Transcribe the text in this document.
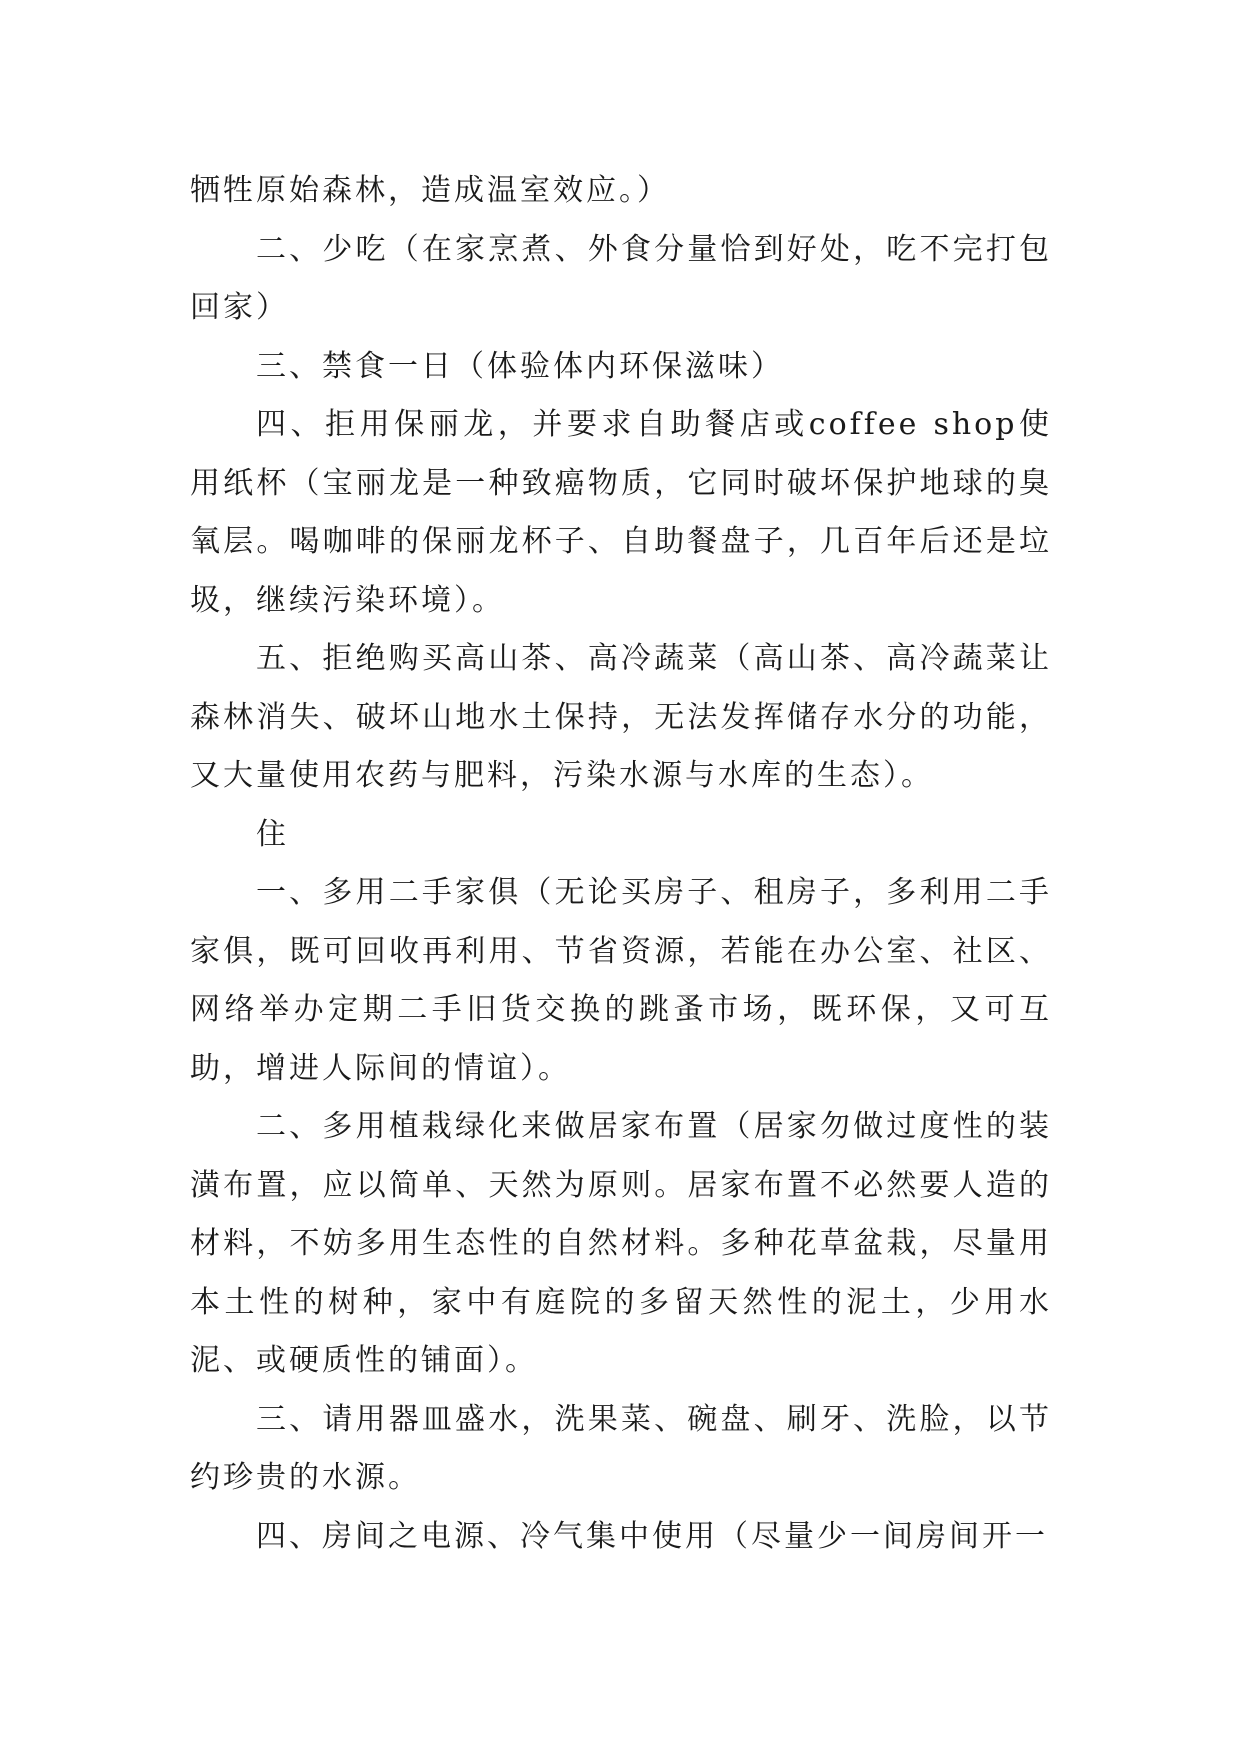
牺牲原始森林，造成温室效应。）

二、少吃（在家烹煮、外食分量恰到好处，吃不完打包回家）

三、禁食一日（体验体内环保滋味）

四、拒用保丽龙，并要求自助餐店或coffee shop使用纸杯（宝丽龙是一种致癌物质，它同时破坏保护地球的臭氧层。喝咖啡的保丽龙杯子、自助餐盘子，几百年后还是垃圾，继续污染环境）。

五、拒绝购买高山茶、高冷蔬菜（高山茶、高冷蔬菜让森林消失、破坏山地水土保持，无法发挥储存水分的功能，又大量使用农药与肥料，污染水源与水库的生态）。

住

一、多用二手家俱（无论买房子、租房子，多利用二手家俱，既可回收再利用、节省资源，若能在办公室、社区、网络举办定期二手旧货交换的跳蚤市场，既环保，又可互助，增进人际间的情谊）。

二、多用植栽绿化来做居家布置（居家勿做过度性的装潢布置，应以简单、天然为原则。居家布置不必然要人造的材料，不妨多用生态性的自然材料。多种花草盆栽，尽量用本土性的树种，家中有庭院的多留天然性的泥土，少用水泥、或硬质性的铺面）。

三、请用器皿盛水，洗果菜、碗盘、刷牙、洗脸，以节约珍贵的水源。

四、房间之电源、冷气集中使用（尽量少一间房间开一
